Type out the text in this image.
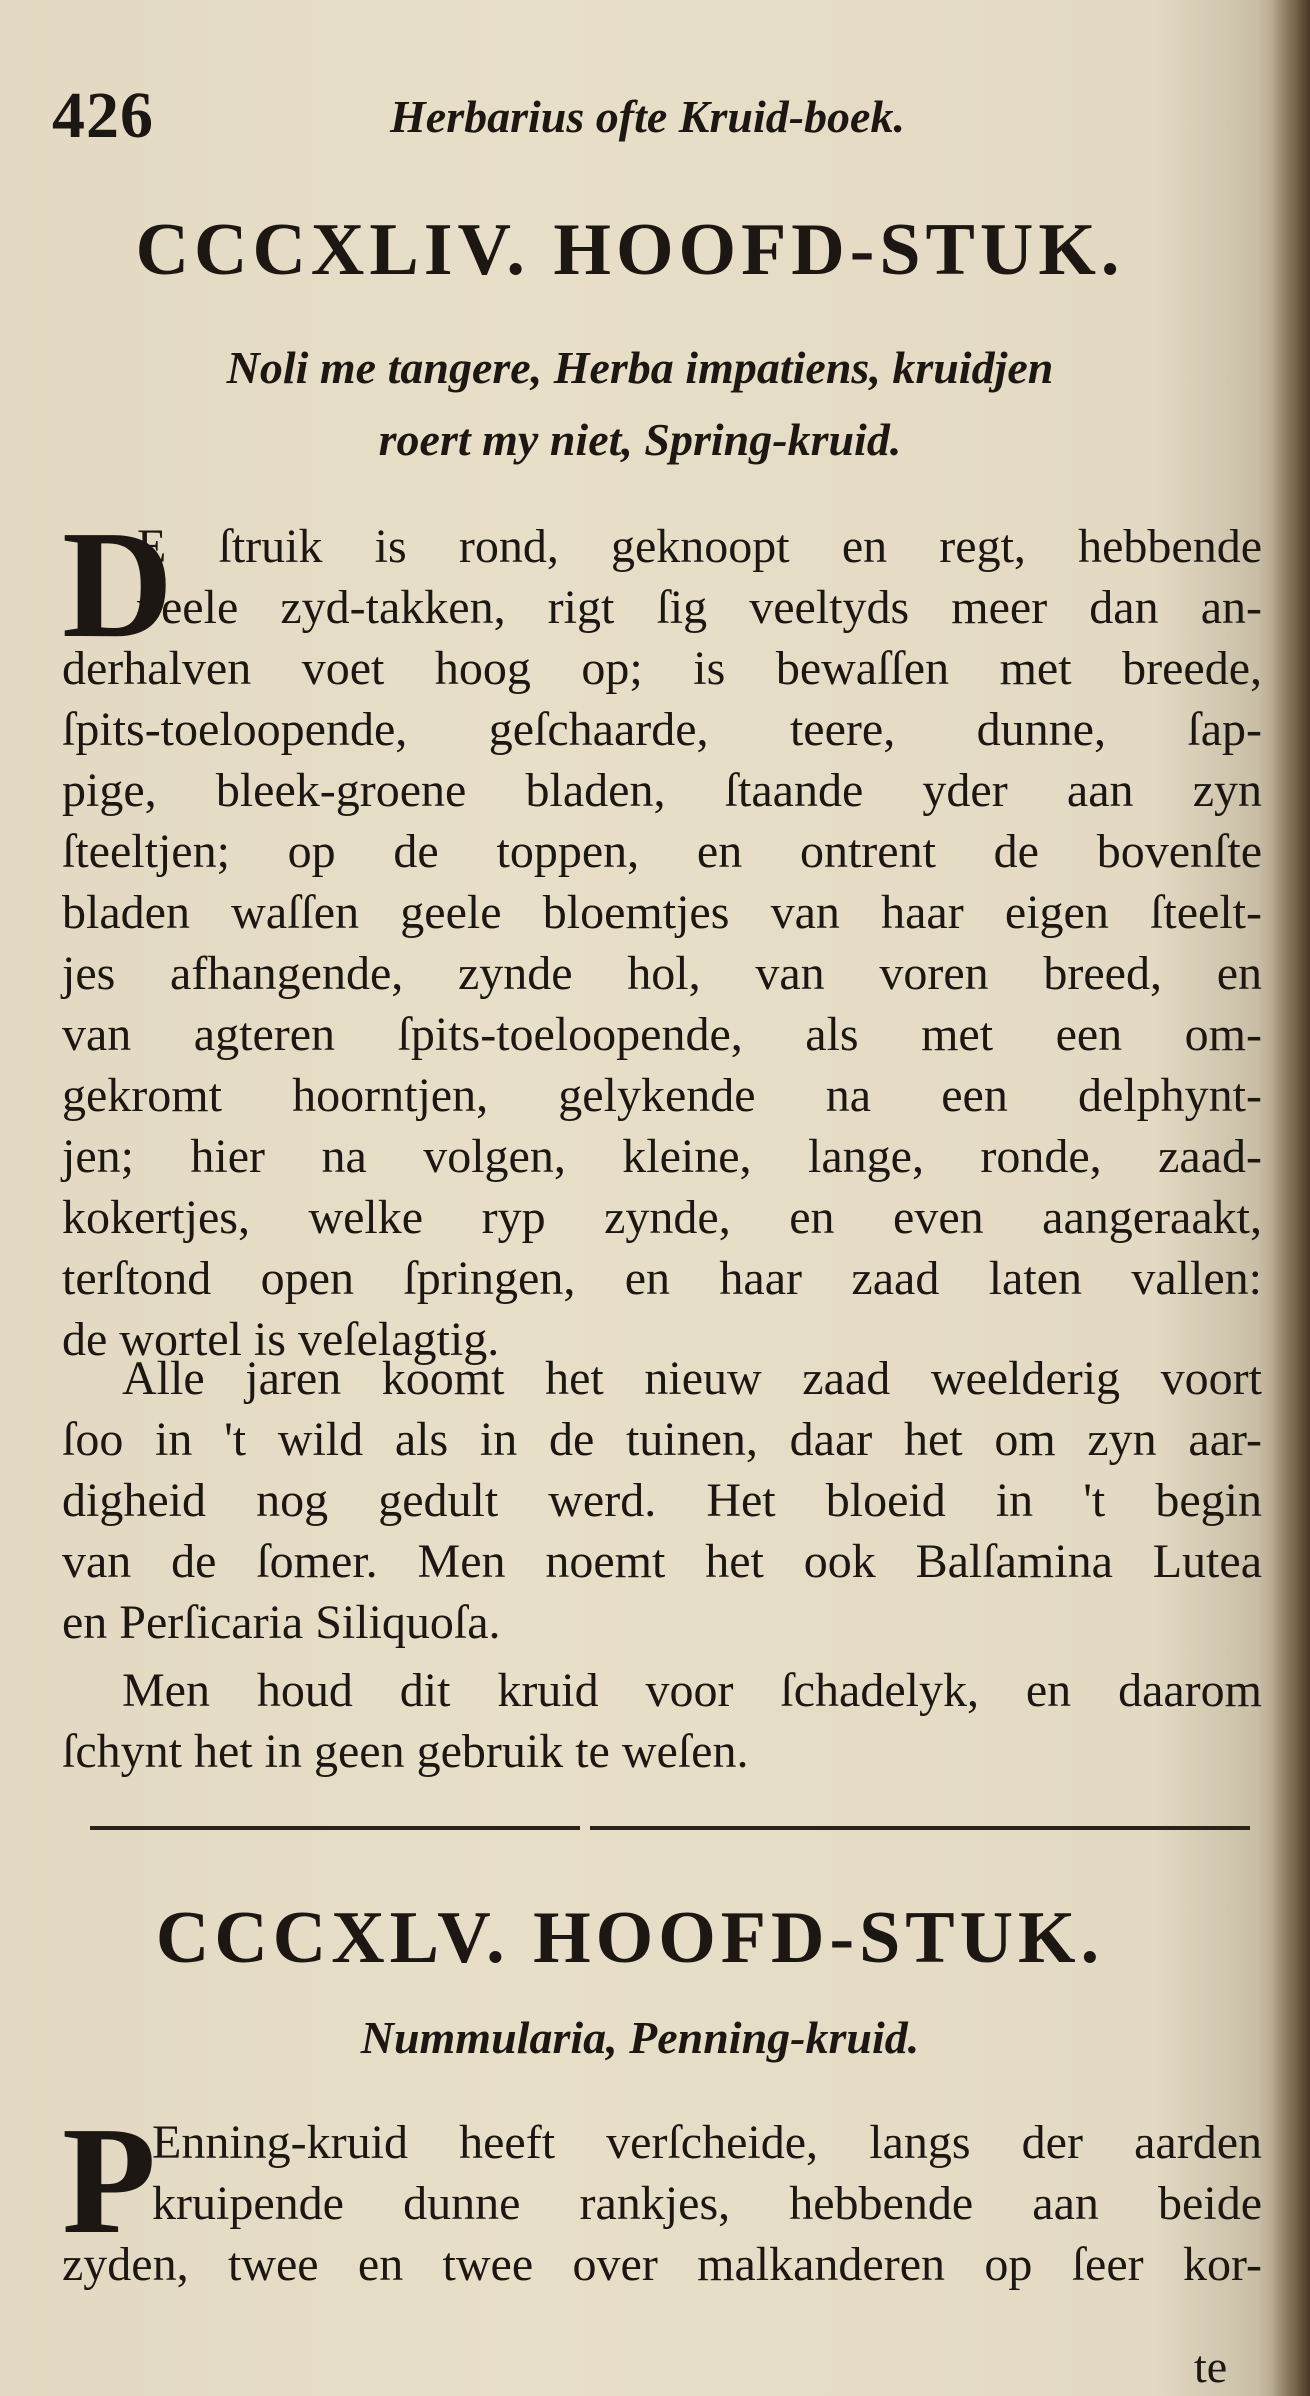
426	Herbarius ofte Kruid-boek.
CCCXLIV. HOOFD-STUK.
Noli me tangere, Herba impatiens, kruidjen
roert my niet, Spring-kruid.
D
E ſtruik is rond, geknoopt en regt, hebbende
veele zyd-takken, rigt ſig veeltyds meer dan an-
derhalven voet hoog op; is bewaſſen met breede,
ſpits-toeloopende, geſchaarde, teere, dunne, ſap-
pige, bleek-groene bladen, ſtaande yder aan zyn
ſteeltjen; op de toppen, en ontrent de bovenſte
bladen waſſen geele bloemtjes van haar eigen ſteelt-
jes afhangende, zynde hol, van voren breed, en
van agteren ſpits-toeloopende, als met een om-
gekromt hoorntjen, gelykende na een delphynt-
jen; hier na volgen, kleine, lange, ronde, zaad-
kokertjes, welke ryp zynde, en even aangeraakt,
terſtond open ſpringen, en haar zaad laten vallen:
de wortel is veſelagtig.
Alle jaren koomt het nieuw zaad weelderig voort
ſoo in 't wild als in de tuinen, daar het om zyn aar-
digheid nog gedult werd. Het bloeid in 't begin
van de ſomer. Men noemt het ook Balſamina Lutea
en Perſicaria Siliquoſa.
Men houd dit kruid voor ſchadelyk, en daarom
ſchynt het in geen gebruik te weſen.
CCCXLV. HOOFD-STUK.
Nummularia, Penning-kruid.
P
Enning-kruid heeft verſcheide, langs der aarden
kruipende dunne rankjes, hebbende aan beide
zyden, twee en twee over malkanderen op ſeer kor-
te
